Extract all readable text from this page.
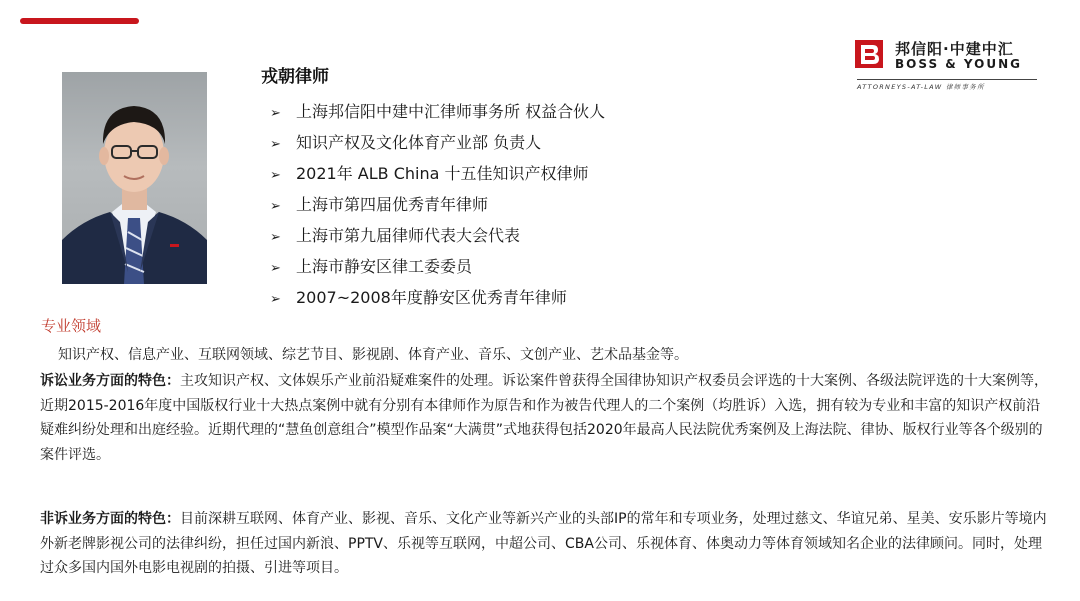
戎朝律师
➢ 上海邦信阳中建中汇律师事务所 权益合伙人
➢ 知识产权及文化体育产业部 负责人
➢ 2021年 ALB China 十五佳知识产权律师
➢ 上海市第四届优秀青年律师
➢ 上海市第九届律师代表大会代表
➢ 上海市静安区律工委委员
➢ 2007~2008年度静安区优秀青年律师
邦信阳·中建中汇
BOSS & YOUNG
ATTORNEYS-AT-LAW 律师事务所
专业领域
知识产权、信息产业、互联网领域、综艺节目、影视剧、体育产业、音乐、文创产业、艺术品基金等。

诉讼业务方面的特色：主攻知识产权、文体娱乐产业前沿疑难案件的处理。诉讼案件曾获得全国律协知识产权委员会评选的十大案例、各级法院评选的十大案例等，近期2015-2016年度中国版权行业十大热点案例中就有分别有本律师作为原告和作为被告代理人的二个案例（均胜诉）入选，拥有较为专业和丰富的知识产权前沿疑难纠纷处理和出庭经验。近期代理的“慧鱼创意组合”模型作品案“大满贯”式地获得包括2020年最高人民法院优秀案例及上海法院、律协、版权行业等各个级别的案件评选。

非诉业务方面的特色：目前深耕互联网、体育产业、影视、音乐、文化产业等新兴产业的头部IP的常年和专项业务，处理过慈文、华谊兄弟、星美、安乐影片等境内外新老牌影视公司的法律纠纷，担任过国内新浪、PPTV、乐视等互联网，中超公司、CBA公司、乐视体育、体奥动力等体育领域知名企业的法律顾问。同时，处理过众多国内国外电影电视剧的拍摄、引进等项目。
